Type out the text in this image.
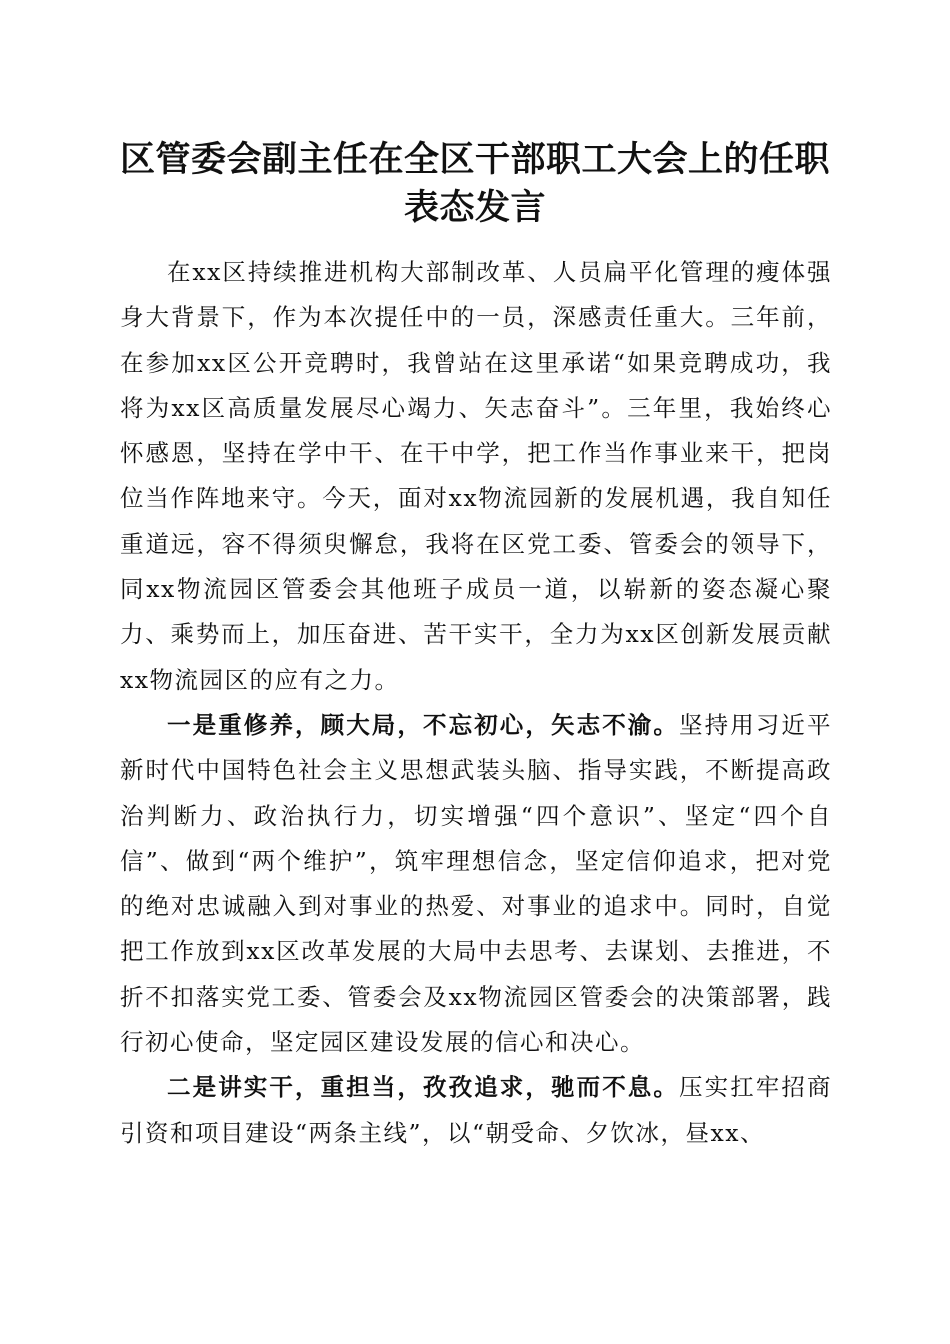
区管委会副主任在全区干部职工大会上的任职
表态发言

在xx区持续推进机构大部制改革、人员扁平化管理的瘦体强身大背景下，作为本次提任中的一员，深感责任重大。三年前，在参加xx区公开竞聘时，我曾站在这里承诺“如果竞聘成功，我将为xx区高质量发展尽心竭力、矢志奋斗”。三年里，我始终心怀感恩，坚持在学中干、在干中学，把工作当作事业来干，把岗位当作阵地来守。今天，面对xx物流园新的发展机遇，我自知任重道远，容不得须臾懈怠，我将在区党工委、管委会的领导下，同xx物流园区管委会其他班子成员一道，以崭新的姿态凝心聚力、乘势而上，加压奋进、苦干实干，全力为xx区创新发展贡献xx物流园区的应有之力。

一是重修养，顾大局，不忘初心，矢志不渝。坚持用习近平新时代中国特色社会主义思想武装头脑、指导实践，不断提高政治判断力、政治执行力，切实增强“四个意识”、坚定“四个自信”、做到“两个维护”，筑牢理想信念，坚定信仰追求，把对党的绝对忠诚融入到对事业的热爱、对事业的追求中。同时，自觉把工作放到xx区改革发展的大局中去思考、去谋划、去推进，不折不扣落实党工委、管委会及xx物流园区管委会的决策部署，践行初心使命，坚定园区建设发展的信心和决心。

二是讲实干，重担当，孜孜追求，驰而不息。压实扛牢招商引资和项目建设“两条主线”，以“朝受命、夕饮冰，昼xx、
